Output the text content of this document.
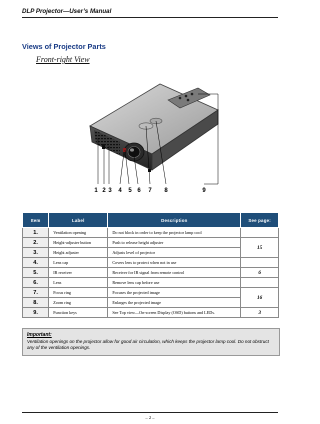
DLP Projector—User’s Manual
Views of Projector Parts
Front-right View
1 2 3 4 5 6 7 8	9
Item	Label	Description	See page:
1.	Ventilation opening	Do not block in order to keep the projector lamp cool	
2.	Height-adjuster button	Push to release height adjuster	15
3.	Height adjuster	Adjusts level of projector	
4.	Lens cap	Covers lens to protect when not in use	
5.	IR receiver	Receiver for IR signal from remote control	6
6.	Lens	Remove lens cap before use	
7.	Focus ring	Focuses the projected image	16
8.	Zoom ring	Enlarges the projected image	
9.	Function keys	See Top view—On-screen Display (OSD) buttons and LEDs.	3
Important:
Ventilation openings on the projector allow for good air circulation, which keeps the projector lamp cool. Do not obstruct any of the ventilation openings.
– 2 –
